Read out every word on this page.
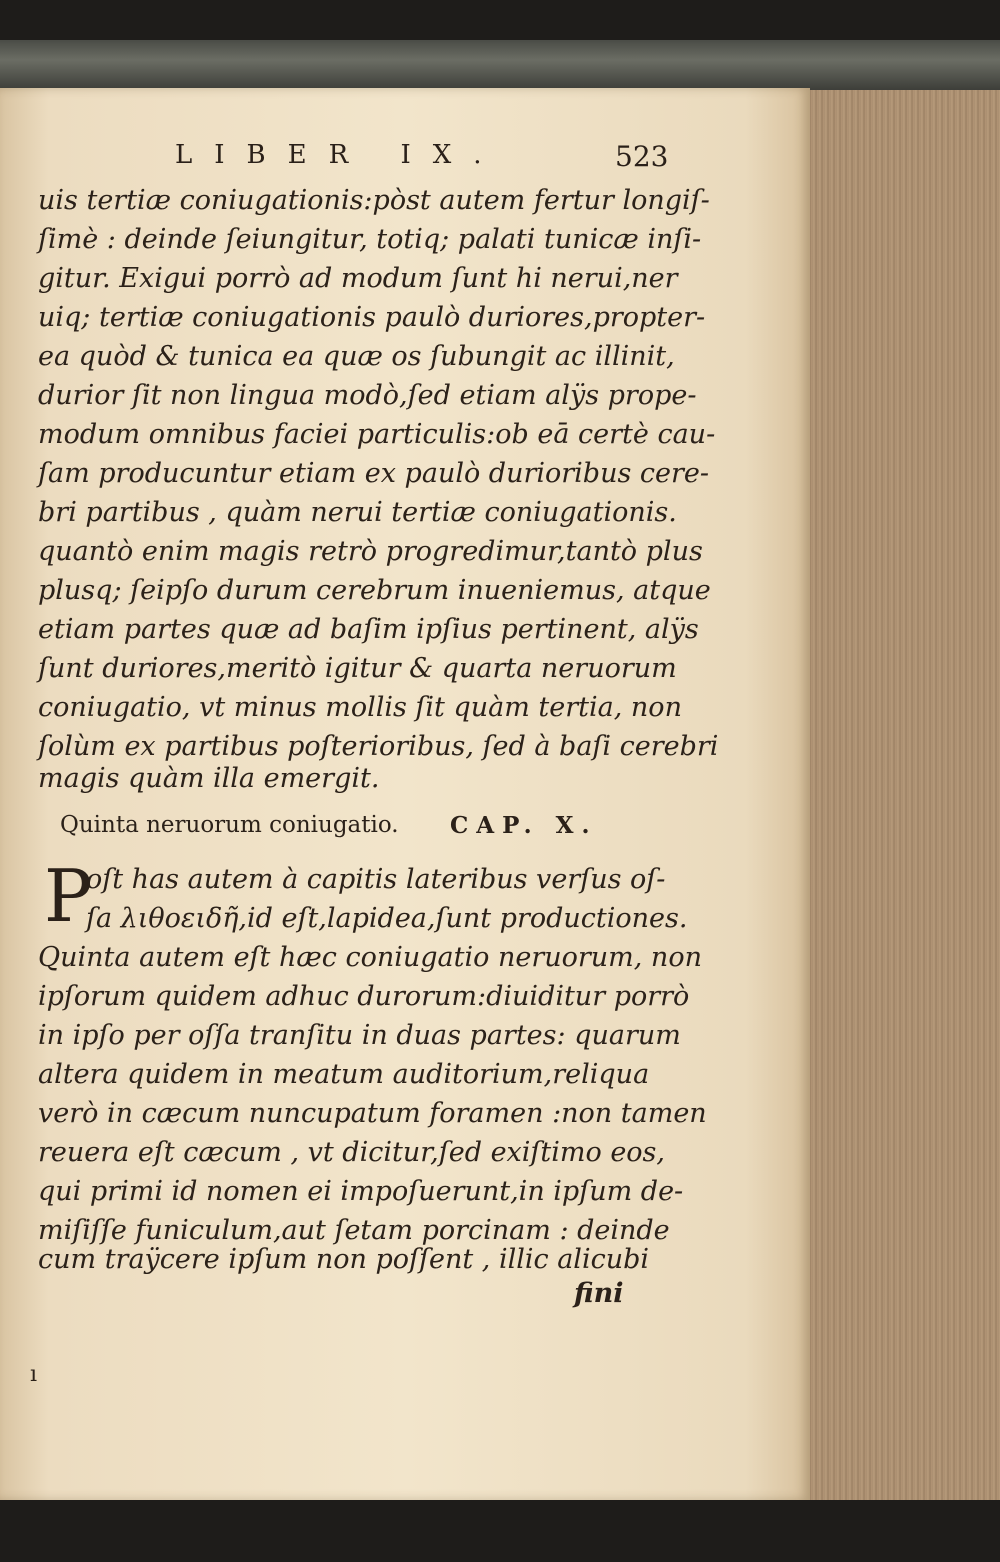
LIBER IX.	523
uis tertiæ coniugationis:pòst autem fertur longiſ-
ſimè : deinde ſeiungitur, totiq; palati tunicæ inſi-
gitur. Exigui porrò ad modum ſunt hi nerui,ner
uiq; tertiæ coniugationis paulò duriores,propter-
ea quòd & tunica ea quæ os ſubungit ac illinit,
durior ſit non lingua modò,ſed etiam alÿs prope-
modum omnibus faciei particulis:ob eā certè cau-
ſam producuntur etiam ex paulò durioribus cere-
bri partibus , quàm nerui tertiæ coniugationis.
quantò enim magis retrò progredimur,tantò plus
plusq; ſeipſo durum cerebrum inueniemus, atque
etiam partes quæ ad baſim ipſius pertinent, alÿs
ſunt duriores,meritò igitur & quarta neruorum
coniugatio, vt minus mollis ſit quàm tertia, non
ſolùm ex partibus poſterioribus, ſed à baſi cerebri
magis quàm illa emergit.
Quinta neruorum coniugatio. CAP. X.
P
oſt has autem à capitis lateribus verſus oſ-
ſa λιθοειδῆ,id eſt,lapidea,ſunt productiones.
Quinta autem eſt hæc coniugatio neruorum, non
ipſorum quidem adhuc durorum:diuiditur porrò
in ipſo per oſſa tranſitu in duas partes: quarum
altera quidem in meatum auditorium,reliqua
verò in cæcum nuncupatum foramen :non tamen
reuera eſt cæcum , vt dicitur,ſed exiſtimo eos,
qui primi id nomen ei impoſuerunt,in ipſum de-
miſiſſe funiculum,aut ſetam porcinam : deinde
cum traÿcere ipſum non poſſent , illic alicubi
fini
ı
